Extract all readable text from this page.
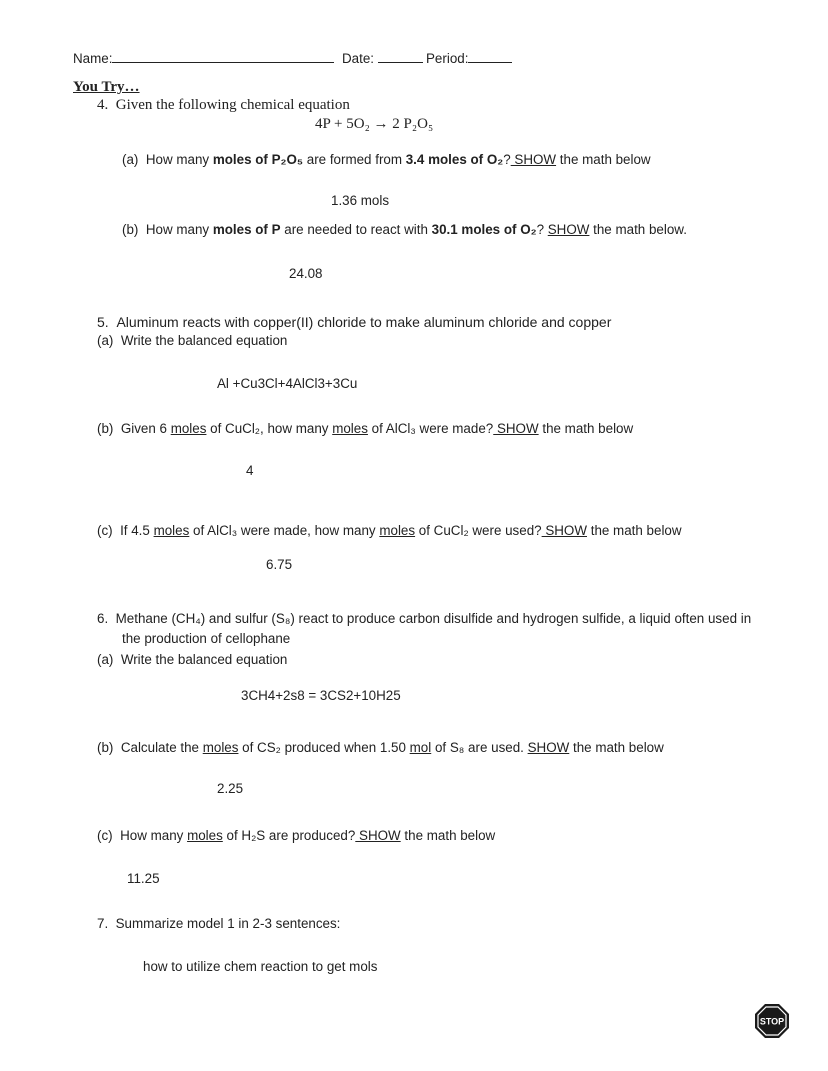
Name:	Date:	Period:
You Try…
4. Given the following chemical equation
4P + 5O₂ → 2 P₂O₅
(a) How many moles of P₂O₅ are formed from 3.4 moles of O₂? SHOW the math below
1.36 mols
(b) How many moles of P are needed to react with 30.1 moles of O₂? SHOW the math below.
24.08
5. Aluminum reacts with copper(II) chloride to make aluminum chloride and copper
(a) Write the balanced equation
Al +Cu3Cl+4AlCl3+3Cu
(b) Given 6 moles of CuCl₂, how many moles of AlCl₃ were made? SHOW the math below
4
(c) If 4.5 moles of AlCl₃ were made, how many moles of CuCl₂ were used? SHOW the math below
6.75
6. Methane (CH₄) and sulfur (S₈) react to produce carbon disulfide and hydrogen sulfide, a liquid often used in
the production of cellophane
(a) Write the balanced equation
3CH4+2s8 = 3CS2+10H25
(b) Calculate the moles of CS₂ produced when 1.50 mol of S₈ are used. SHOW the math below
2.25
(c) How many moles of H₂S are produced? SHOW the math below
11.25
7. Summarize model 1 in 2-3 sentences:
how to utilize chem reaction to get mols
STOP
